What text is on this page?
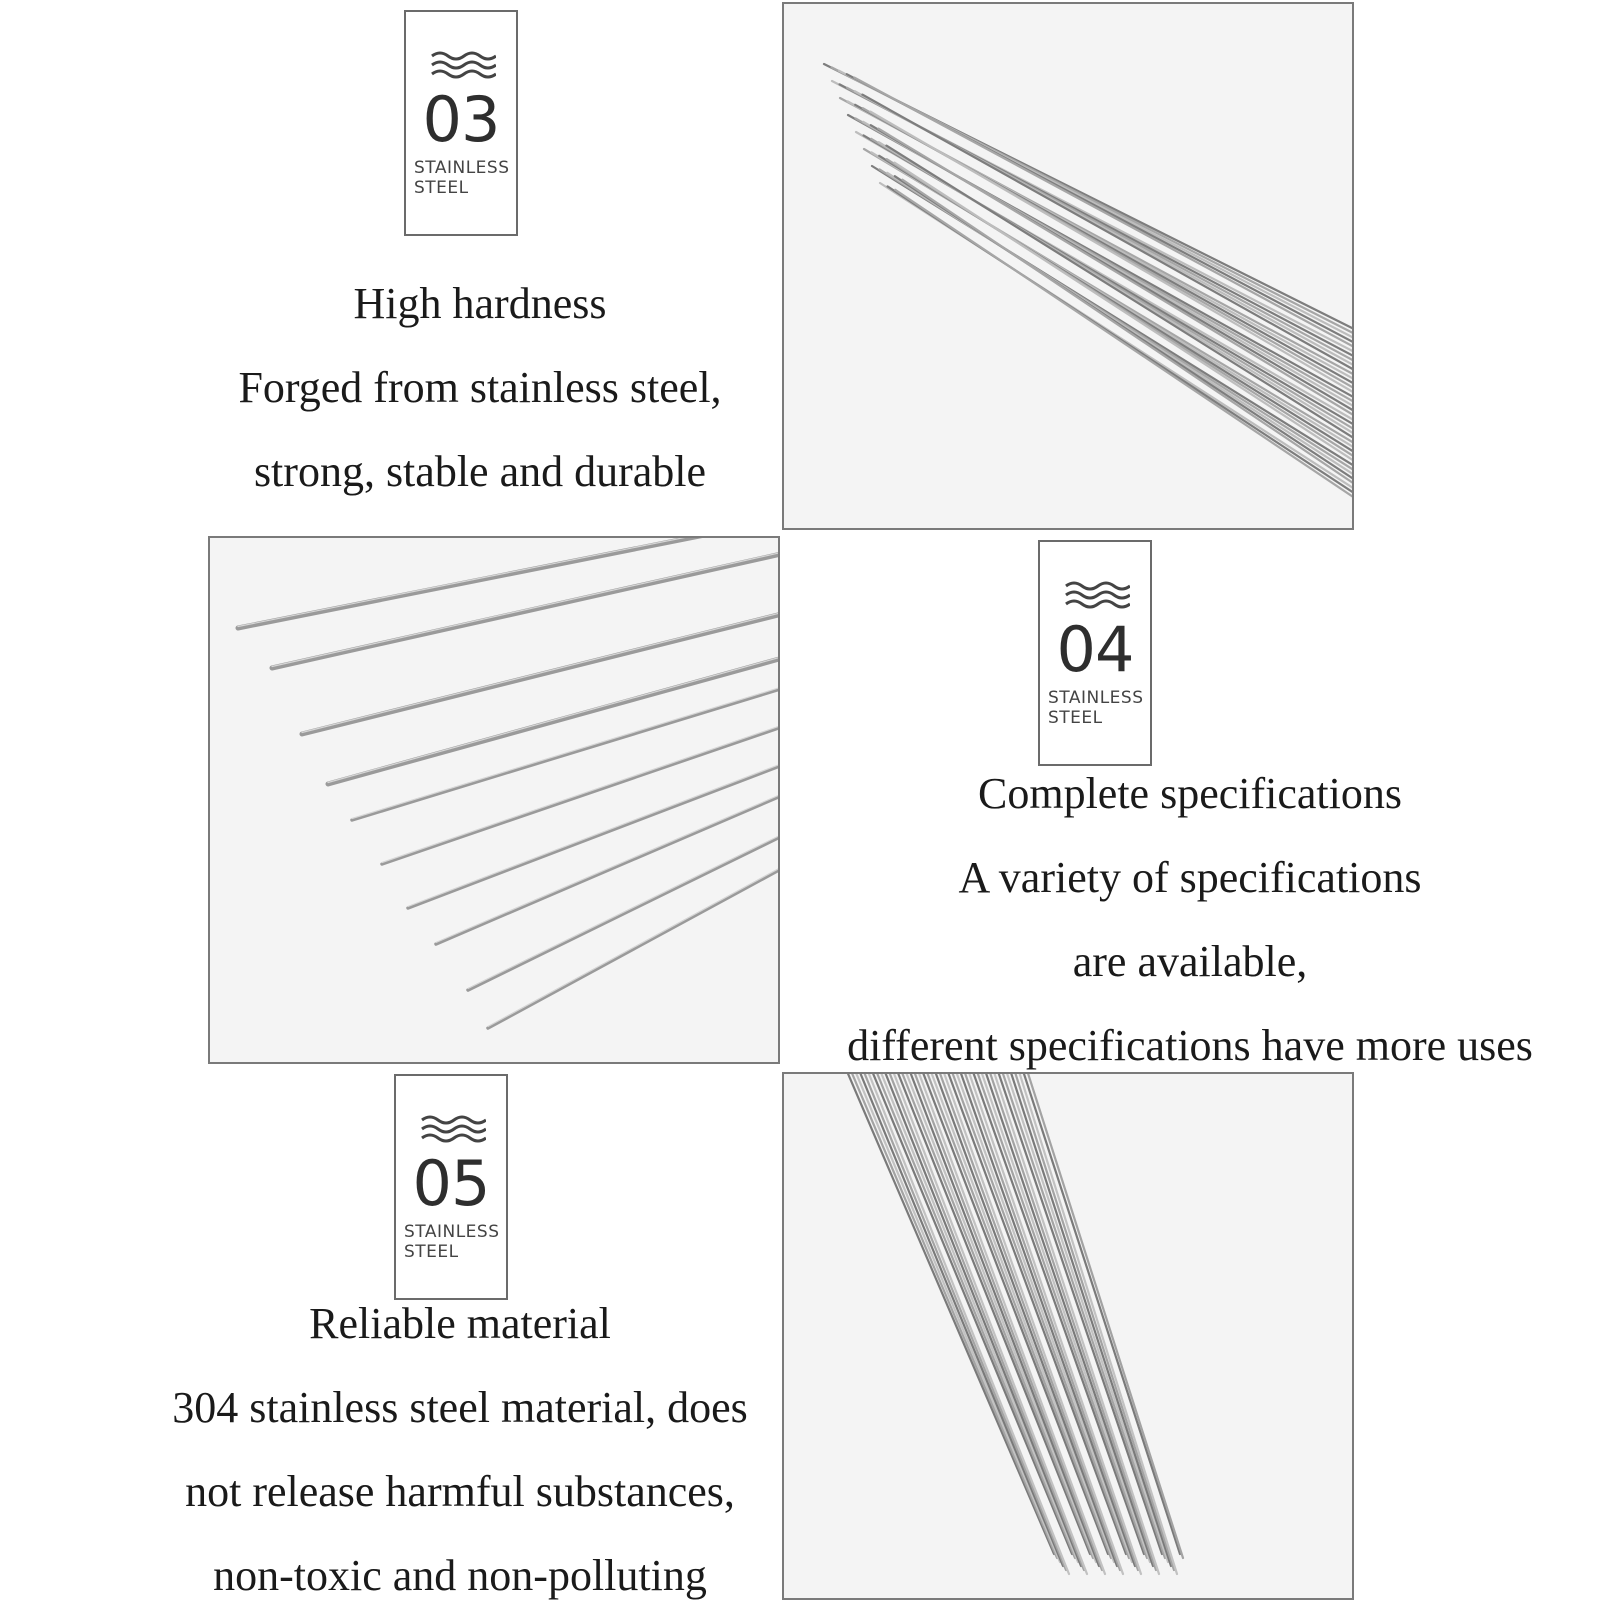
03
STAINLESS
STEEL
High hardness
Forged from stainless steel,
strong, stable and durable
04
STAINLESS
STEEL
Complete specifications
A variety of specifications
are available,
different specifications have more uses
05
STAINLESS
STEEL
Reliable material
304 stainless steel material, does
not release harmful substances,
non-toxic and non-polluting
